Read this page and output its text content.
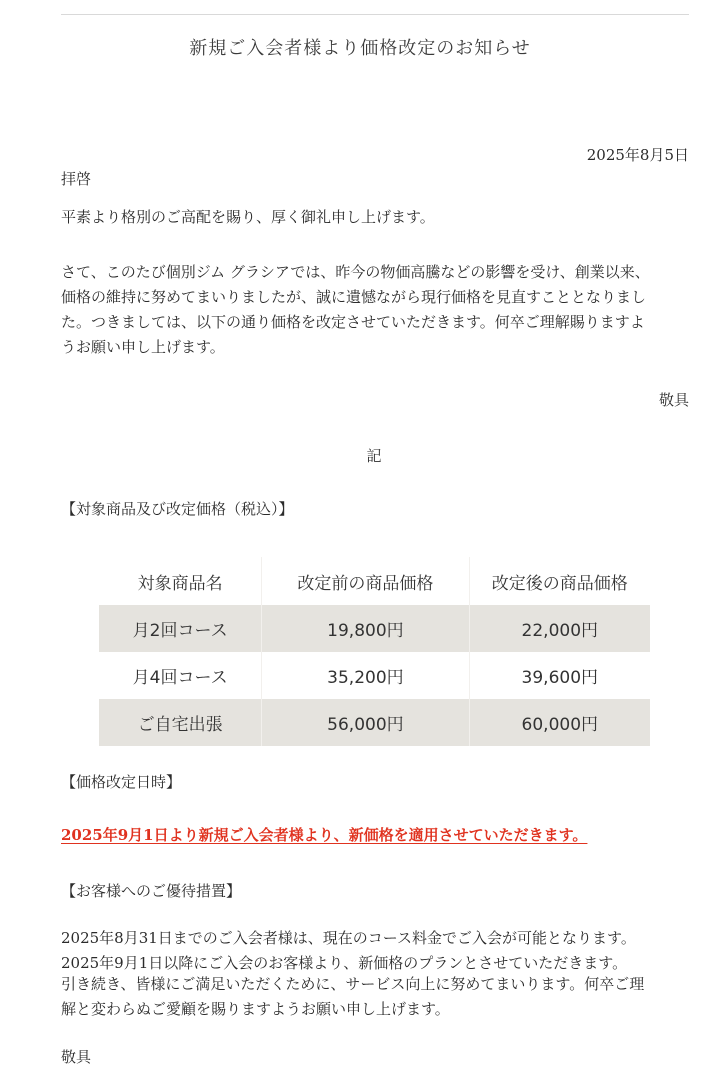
新規ご入会者様より価格改定のお知らせ
2025年8月5日
拝啓
平素より格別のご高配を賜り、厚く御礼申し上げます。
さて、このたび個別ジム グラシアでは、昨今の物価高騰などの影響を受け、創業以来、
価格の維持に努めてまいりましたが、誠に遺憾ながら現行価格を見直すこととなりまし
た。つきましては、以下の通り価格を改定させていただきます。何卒ご理解賜りますよ
うお願い申し上げます。
敬具
記
【対象商品及び改定価格（税込）】
対象商品名	改定前の商品価格	改定後の商品価格
月2回コース	19,800円	22,000円
月4回コース	35,200円	39,600円
ご自宅出張	56,000円	60,000円
【価格改定日時】
2025年9月1日より新規ご入会者様より、新価格を適用させていただきます。
【お客様へのご優待措置】
2025年8月31日までのご入会者様は、現在のコース料金でご入会が可能となります。
2025年9月1日以降にご入会のお客様より、新価格のプランとさせていただきます。
引き続き、皆様にご満足いただくために、サービス向上に努めてまいります。何卒ご理
解と変わらぬご愛顧を賜りますようお願い申し上げます。
敬具
